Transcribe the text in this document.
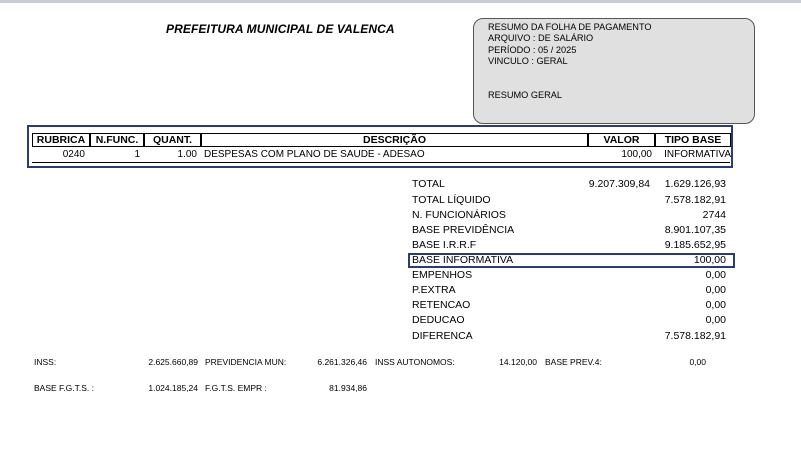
PREFEITURA MUNICIPAL DE VALENCA	RESUMO DA FOLHA DE PAGAMENTO
ARQUIVO : DE SALÁRIO
PERÍODO : 05 / 2025
VINCULO : GERAL
RESUMO GERAL
RUBRICA	N.FUNC.	QUANT.	DESCRIÇÃO	VALOR	TIPO BASE
0240	1	1.00 DESPESAS COM PLANO DE SAUDE - ADESAO	100,00	INFORMATIVA
TOTAL	9.207.309,84 1.629.126,93
TOTAL LÍQUIDO	7.578.182,91
N. FUNCIONÁRIOS	2744
BASE PREVIDÊNCIA	8.901.107,35
BASE I.R.R.F	9.185.652,95
BASE INFORMATIVA	100,00
EMPENHOS	0,00
P.EXTRA	0,00
RETENCAO	0,00
DEDUCAO	0,00
DIFERENCA	7.578.182,91
INSS:	2.625.660,89 PREVIDENCIA MUN:	6.261.326,46 INSS AUTONOMOS:	14.120,00 BASE PREV.4:	0,00
BASE F.G.T.S. :	1.024.185,24 F.G.T.S. EMPR :	81.934,86
